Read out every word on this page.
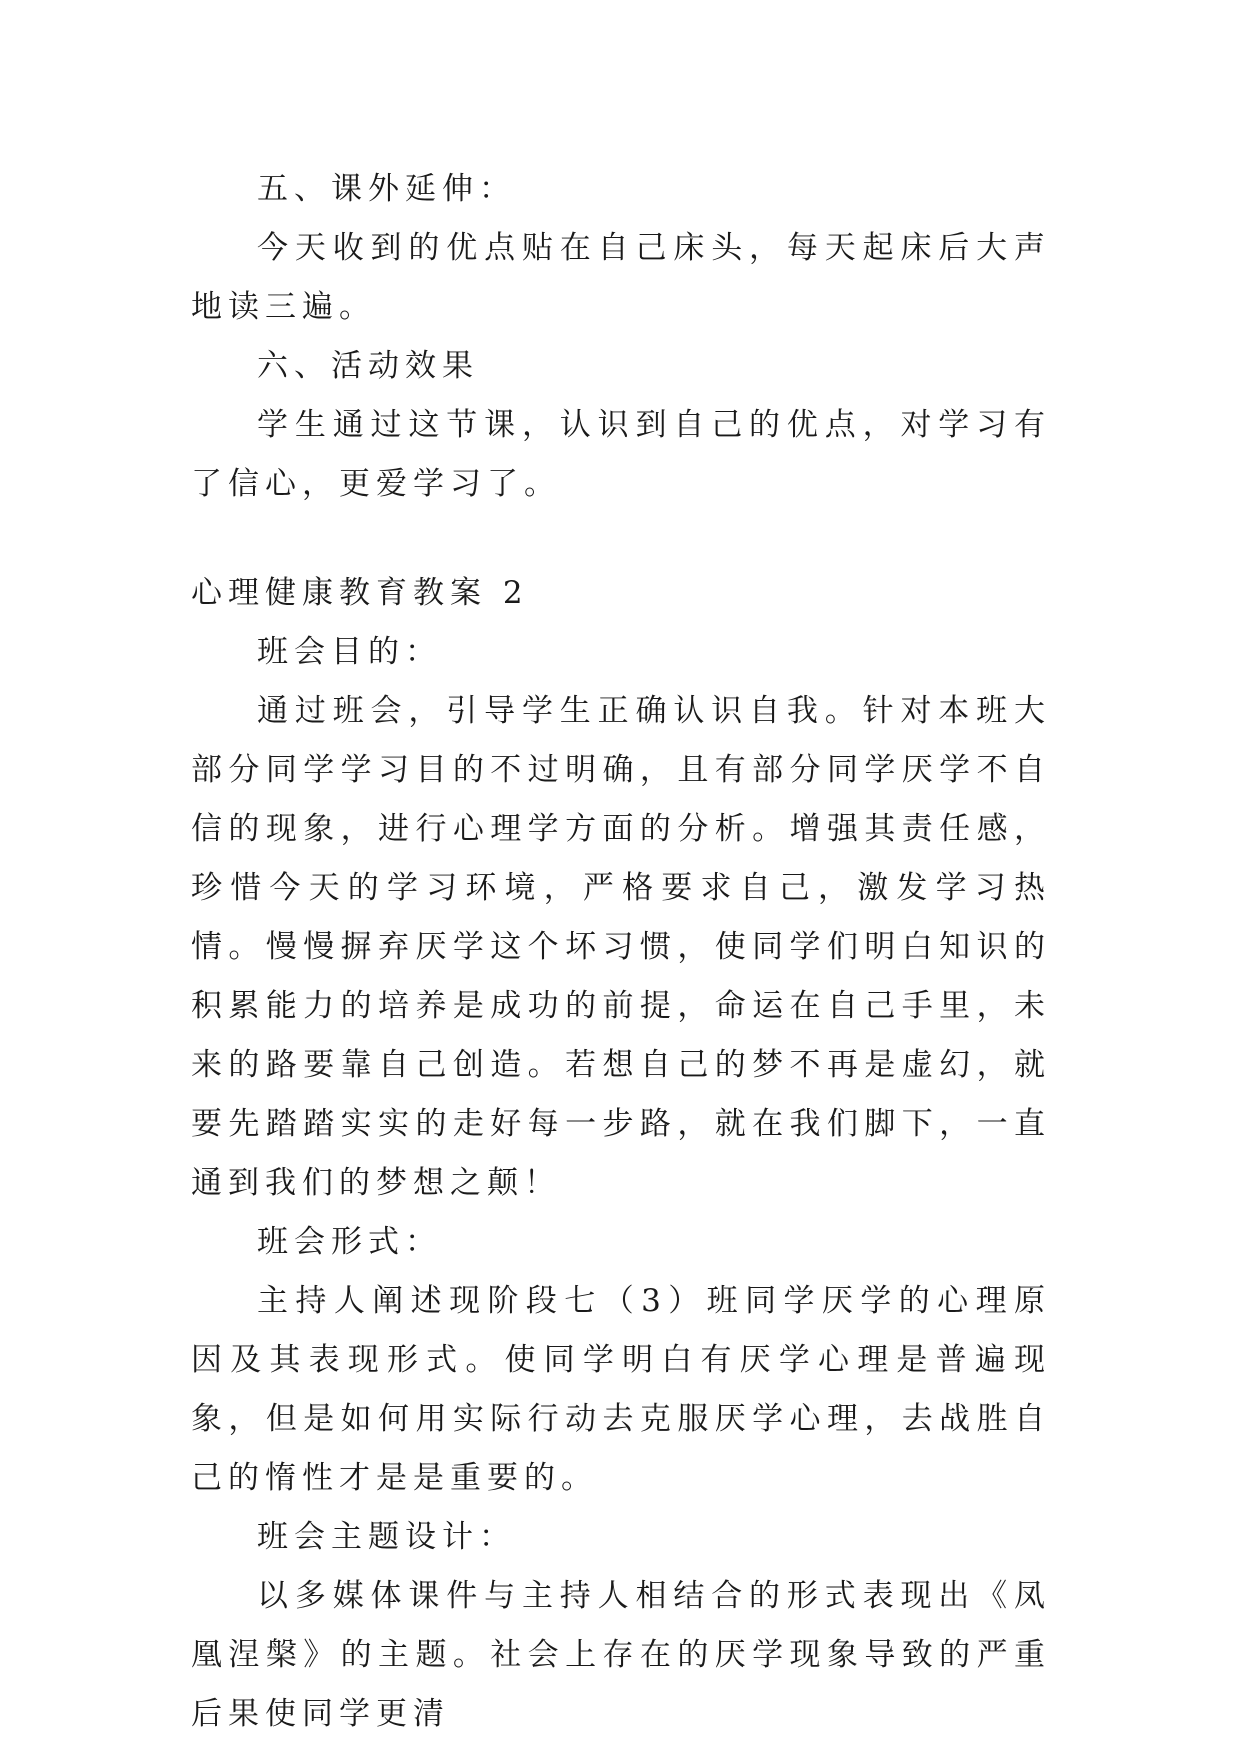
五、课外延伸：

今天收到的优点贴在自己床头，每天起床后大声地读三遍。

六、活动效果

学生通过这节课，认识到自己的优点，对学习有了信心，更爱学习了。

心理健康教育教案 2

班会目的：

通过班会，引导学生正确认识自我。针对本班大部分同学学习目的不过明确，且有部分同学厌学不自信的现象，进行心理学方面的分析。增强其责任感，珍惜今天的学习环境，严格要求自己，激发学习热情。慢慢摒弃厌学这个坏习惯，使同学们明白知识的积累能力的培养是成功的前提，命运在自己手里，未来的路要靠自己创造。若想自己的梦不再是虚幻，就要先踏踏实实的走好每一步路，就在我们脚下，一直通到我们的梦想之颠！

班会形式：

主持人阐述现阶段七（3）班同学厌学的心理原因及其表现形式。使同学明白有厌学心理是普遍现象，但是如何用实际行动去克服厌学心理，去战胜自己的惰性才是是重要的。

班会主题设计：

以多媒体课件与主持人相结合的形式表现出《凤凰涅槃》的主题。社会上存在的厌学现象导致的严重后果使同学更清
